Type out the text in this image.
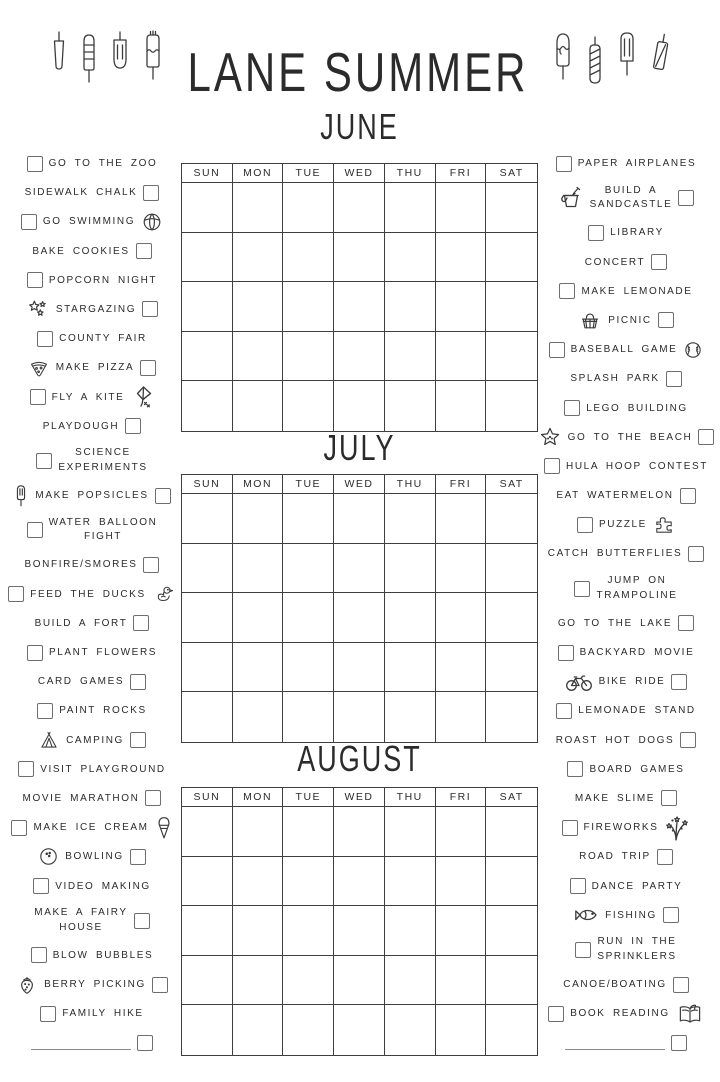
LANE SUMMER
GO TO THE ZOO
SIDEWALK CHALK
GO SWIMMING
BAKE COOKIES
POPCORN NIGHT
STARGAZING
COUNTY FAIR
MAKE PIZZA
FLY A KITE
PLAYDOUGH
SCIENCE
EXPERIMENTS
MAKE POPSICLES
WATER BALLOON
FIGHT
BONFIRE/SMORES
FEED THE DUCKS
BUILD A FORT
PLANT FLOWERS
CARD GAMES
PAINT ROCKS
CAMPING
VISIT PLAYGROUND
MOVIE MARATHON
MAKE ICE CREAM
BOWLING
VIDEO MAKING
MAKE A FAIRY
HOUSE
BLOW BUBBLES
BERRY PICKING
FAMILY HIKE
JUNE
SUN	MON	TUE	WED	THU	FRI	SAT
JULY
SUN	MON	TUE	WED	THU	FRI	SAT
AUGUST
SUN	MON	TUE	WED	THU	FRI	SAT
PAPER AIRPLANES
BUILD A
SANDCASTLE
LIBRARY
CONCERT
MAKE LEMONADE
PICNIC
BASEBALL GAME
SPLASH PARK
LEGO BUILDING
GO TO THE BEACH
HULA HOOP CONTEST
EAT WATERMELON
PUZZLE
CATCH BUTTERFLIES
JUMP ON
TRAMPOLINE
GO TO THE LAKE
BACKYARD MOVIE
BIKE RIDE
LEMONADE STAND
ROAST HOT DOGS
BOARD GAMES
MAKE SLIME
FIREWORKS
ROAD TRIP
DANCE PARTY
FISHING
RUN IN THE
SPRINKLERS
CANOE/BOATING
BOOK READING
